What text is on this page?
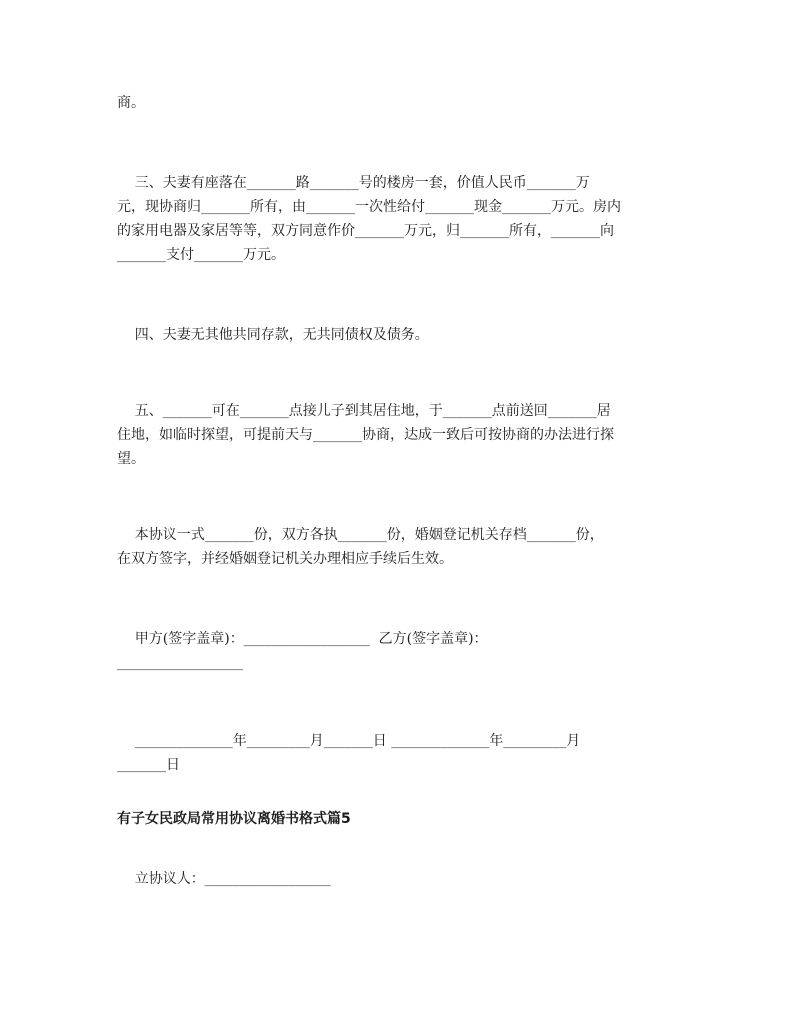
商。

三、夫妻有座落在_______路_______号的楼房一套，价值人民币_______万

元，现协商归_______所有，由_______一次性给付_______现金_______万元。房内

的家用电器及家居等等，双方同意作价_______万元，归_______所有，_______向

_______支付_______万元。

四、夫妻无其他共同存款，无共同债权及债务。

五、_______可在_______点接儿子到其居住地，于_______点前送回_______居

住地，如临时探望，可提前天与_______协商，达成一致后可按协商的办法进行探

望。

本协议一式_______份，双方各执_______份，婚姻登记机关存档_______份，

在双方签字，并经婚姻登记机关办理相应手续后生效。

甲方(签字盖章)：__________________  乙方(签字盖章)：

__________________

______________年_________月_______日 ______________年_________月

_______日

有子女民政局常用协议离婚书格式篇5

立协议人：__________________
